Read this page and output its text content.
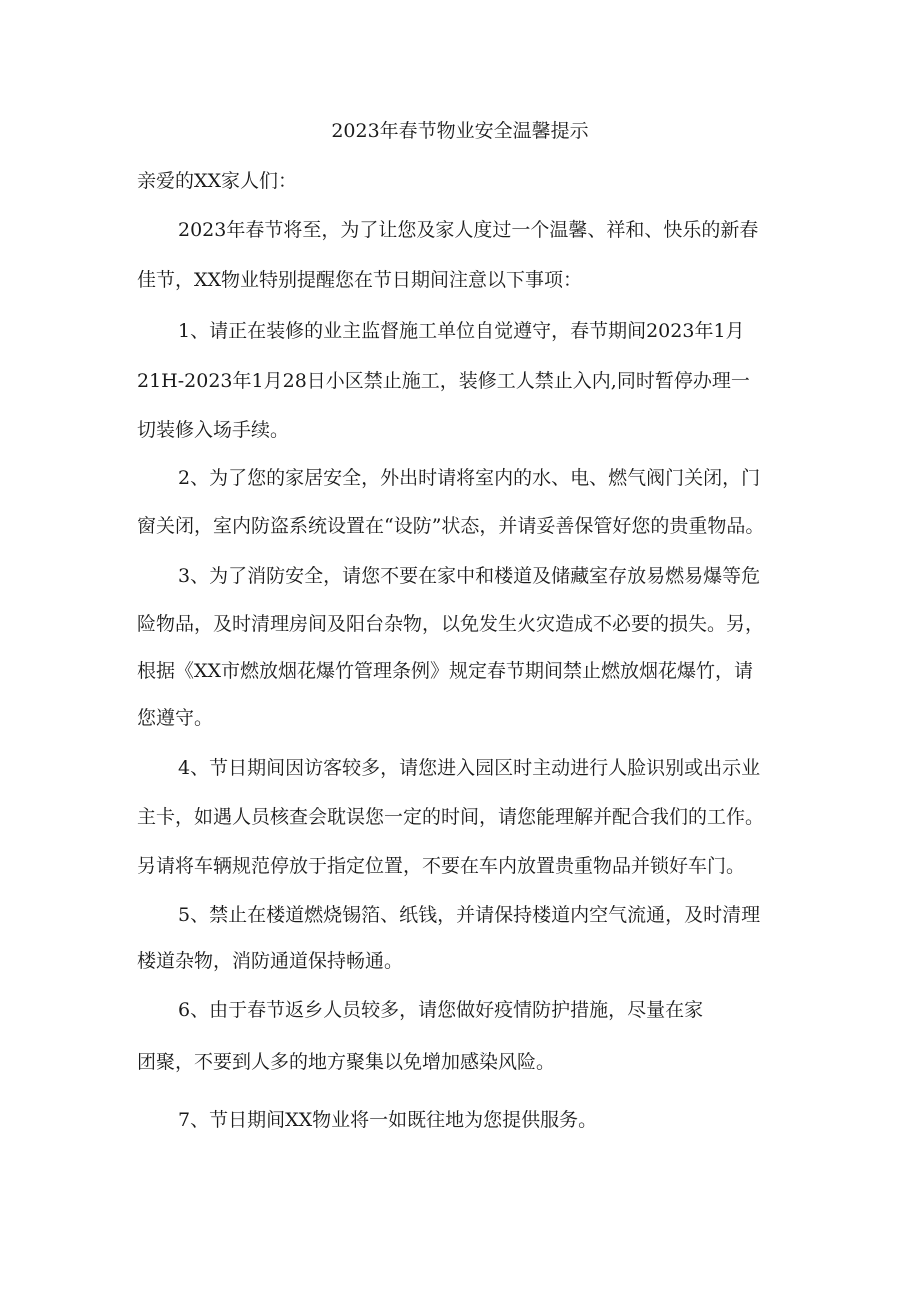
2023年春节物业安全温馨提示
亲爱的XX家人们：
2023年春节将至，为了让您及家人度过一个温馨、祥和、快乐的新春
佳节，XX物业特别提醒您在节日期间注意以下事项：
1、请正在装修的业主监督施工单位自觉遵守，春节期间2023年1月
21H-2023年1月28日小区禁止施工，装修工人禁止入内,同时暂停办理一
切装修入场手续。
2、为了您的家居安全，外出时请将室内的水、电、燃气阀门关闭，门
窗关闭，室内防盗系统设置在“设防”状态，并请妥善保管好您的贵重物品。
3、为了消防安全，请您不要在家中和楼道及储藏室存放易燃易爆等危
险物品，及时清理房间及阳台杂物，以免发生火灾造成不必要的损失。另，
根据《XX市燃放烟花爆竹管理条例》规定春节期间禁止燃放烟花爆竹，请
您遵守。
4、节日期间因访客较多，请您进入园区时主动进行人脸识别或出示业
主卡，如遇人员核查会耽误您一定的时间，请您能理解并配合我们的工作。
另请将车辆规范停放于指定位置，不要在车内放置贵重物品并锁好车门。
5、禁止在楼道燃烧锡箔、纸钱，并请保持楼道内空气流通，及时清理
楼道杂物，消防通道保持畅通。
6、由于春节返乡人员较多，请您做好疫情防护措施，尽量在家
团聚，不要到人多的地方聚集以免增加感染风险。
7、节日期间XX物业将一如既往地为您提供服务。
